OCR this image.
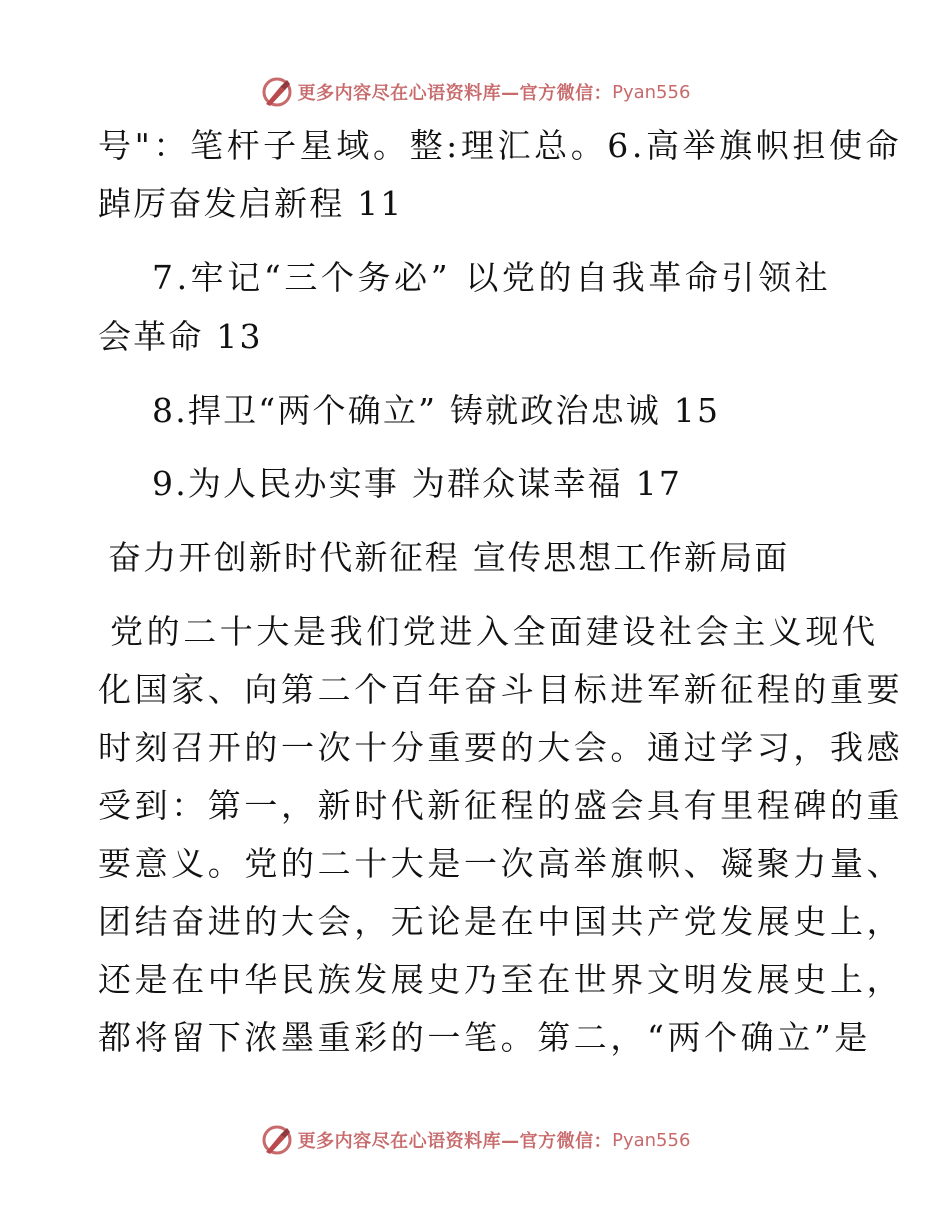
更多内容尽在心语资料库—官方微信： Pyan556
号"：笔杆子星域。整:理汇总。6.高举旗帜担使命
踔厉奋发启新程 11
7.牢记“三个务必” 以党的自我革命引领社
会革命 13
8.捍卫“两个确立” 铸就政治忠诚 15
9.为人民办实事 为群众谋幸福 17
奋力开创新时代新征程 宣传思想工作新局面
党的二十大是我们党进入全面建设社会主义现代
化国家、向第二个百年奋斗目标进军新征程的重要
时刻召开的一次十分重要的大会。通过学习，我感
受到：第一，新时代新征程的盛会具有里程碑的重
要意义。党的二十大是一次高举旗帜、凝聚力量、
团结奋进的大会，无论是在中国共产党发展史上，
还是在中华民族发展史乃至在世界文明发展史上，
都将留下浓墨重彩的一笔。第二，“两个确立”是
更多内容尽在心语资料库—官方微信： Pyan556
